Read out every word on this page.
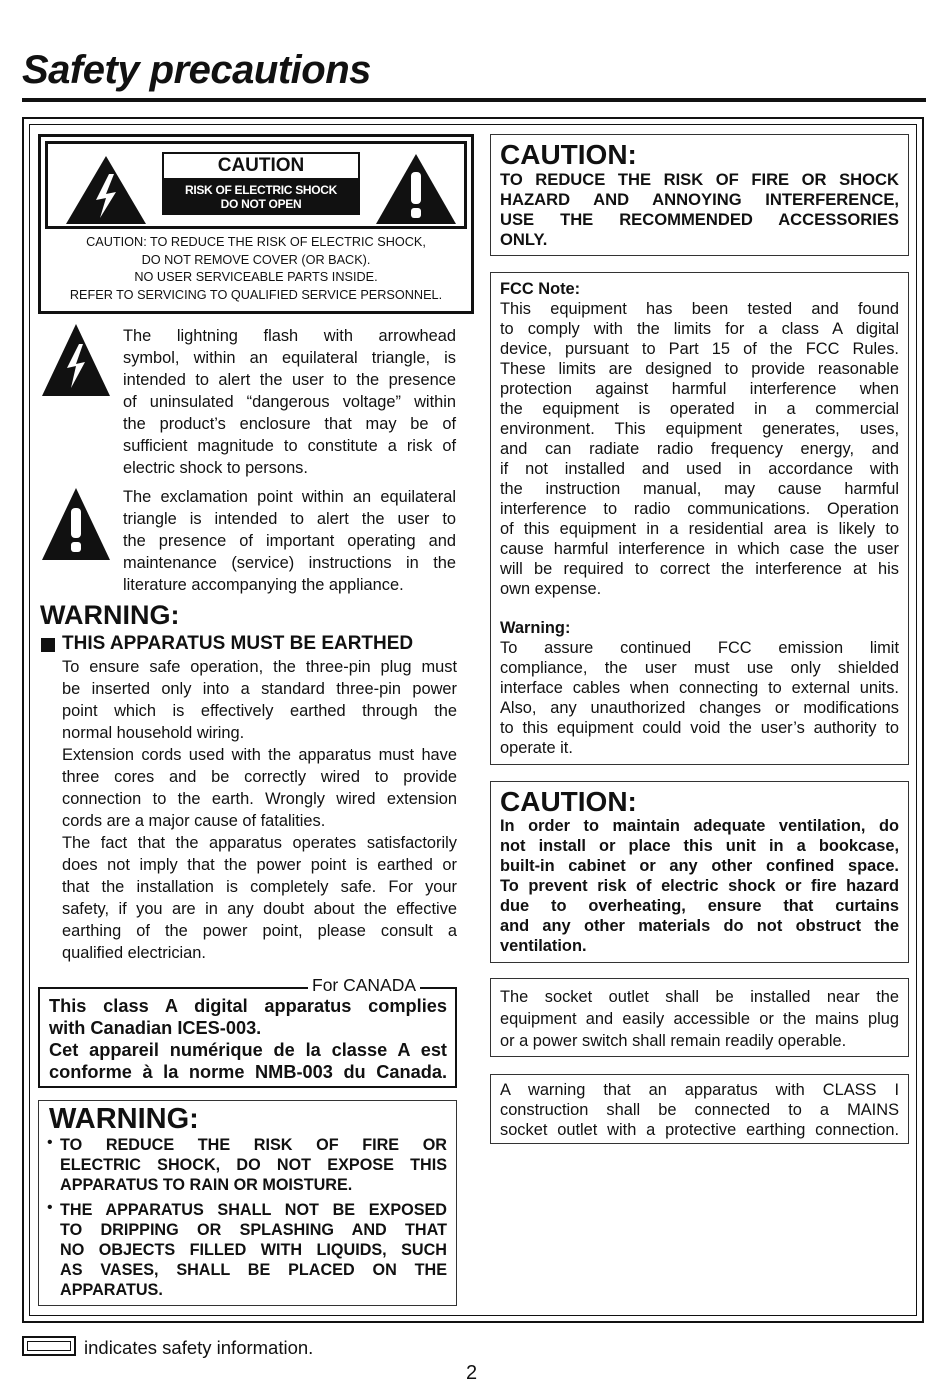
Safety precautions
CAUTION
RISK OF ELECTRIC SHOCK
DO NOT OPEN
CAUTION: TO REDUCE THE RISK OF ELECTRIC SHOCK,
DO NOT REMOVE COVER (OR BACK).
NO USER SERVICEABLE PARTS INSIDE.
REFER TO SERVICING TO QUALIFIED SERVICE PERSONNEL.
The lightning flash with arrowhead
symbol, within an equilateral triangle, is
intended to alert the user to the presence
of uninsulated “dangerous voltage” within
the product’s enclosure that may be of
sufficient magnitude to constitute a risk of
electric shock to persons.
The exclamation point within an equilateral
triangle is intended to alert the user to
the presence of important operating and
maintenance (service) instructions in the
literature accompanying the appliance.
WARNING:
THIS APPARATUS MUST BE EARTHED
To ensure safe operation, the three-pin plug must
be inserted only into a standard three-pin power
point which is effectively earthed through the
normal household wiring.
Extension cords used with the apparatus must have
three cores and be correctly wired to provide
connection to the earth. Wrongly wired extension
cords are a major cause of fatalities.
The fact that the apparatus operates satisfactorily
does not imply that the power point is earthed or
that the installation is completely safe. For your
safety, if you are in any doubt about the effective
earthing of the power point, please consult a
qualified electrician.
For CANADA
This class A digital apparatus complies
with Canadian ICES-003.
Cet appareil numérique de la classe A est
conforme à la norme NMB-003 du Canada.
WARNING:
• TO REDUCE THE RISK OF FIRE OR
ELECTRIC SHOCK, DO NOT EXPOSE THIS
APPARATUS TO RAIN OR MOISTURE.
• THE APPARATUS SHALL NOT BE EXPOSED
TO DRIPPING OR SPLASHING AND THAT
NO OBJECTS FILLED WITH LIQUIDS, SUCH
AS VASES, SHALL BE PLACED ON THE
APPARATUS.
CAUTION:
TO REDUCE THE RISK OF FIRE OR SHOCK
HAZARD AND ANNOYING INTERFERENCE,
USE THE RECOMMENDED ACCESSORIES
ONLY.
FCC Note:
This equipment has been tested and found
to comply with the limits for a class A digital
device, pursuant to Part 15 of the FCC Rules.
These limits are designed to provide reasonable
protection against harmful interference when
the equipment is operated in a commercial
environment. This equipment generates, uses,
and can radiate radio frequency energy, and
if not installed and used in accordance with
the instruction manual, may cause harmful
interference to radio communications. Operation
of this equipment in a residential area is likely to
cause harmful interference in which case the user
will be required to correct the interference at his
own expense.
Warning:
To assure continued FCC emission limit
compliance, the user must use only shielded
interface cables when connecting to external units.
Also, any unauthorized changes or modifications
to this equipment could void the user’s authority to
operate it.
CAUTION:
In order to maintain adequate ventilation, do
not install or place this unit in a bookcase,
built-in cabinet or any other confined space.
To prevent risk of electric shock or fire hazard
due to overheating, ensure that curtains
and any other materials do not obstruct the
ventilation.
The socket outlet shall be installed near the
equipment and easily accessible or the mains plug
or a power switch shall remain readily operable.
A warning that an apparatus with CLASS I
construction shall be connected to a MAINS
socket outlet with a protective earthing connection.
indicates safety information.
2
